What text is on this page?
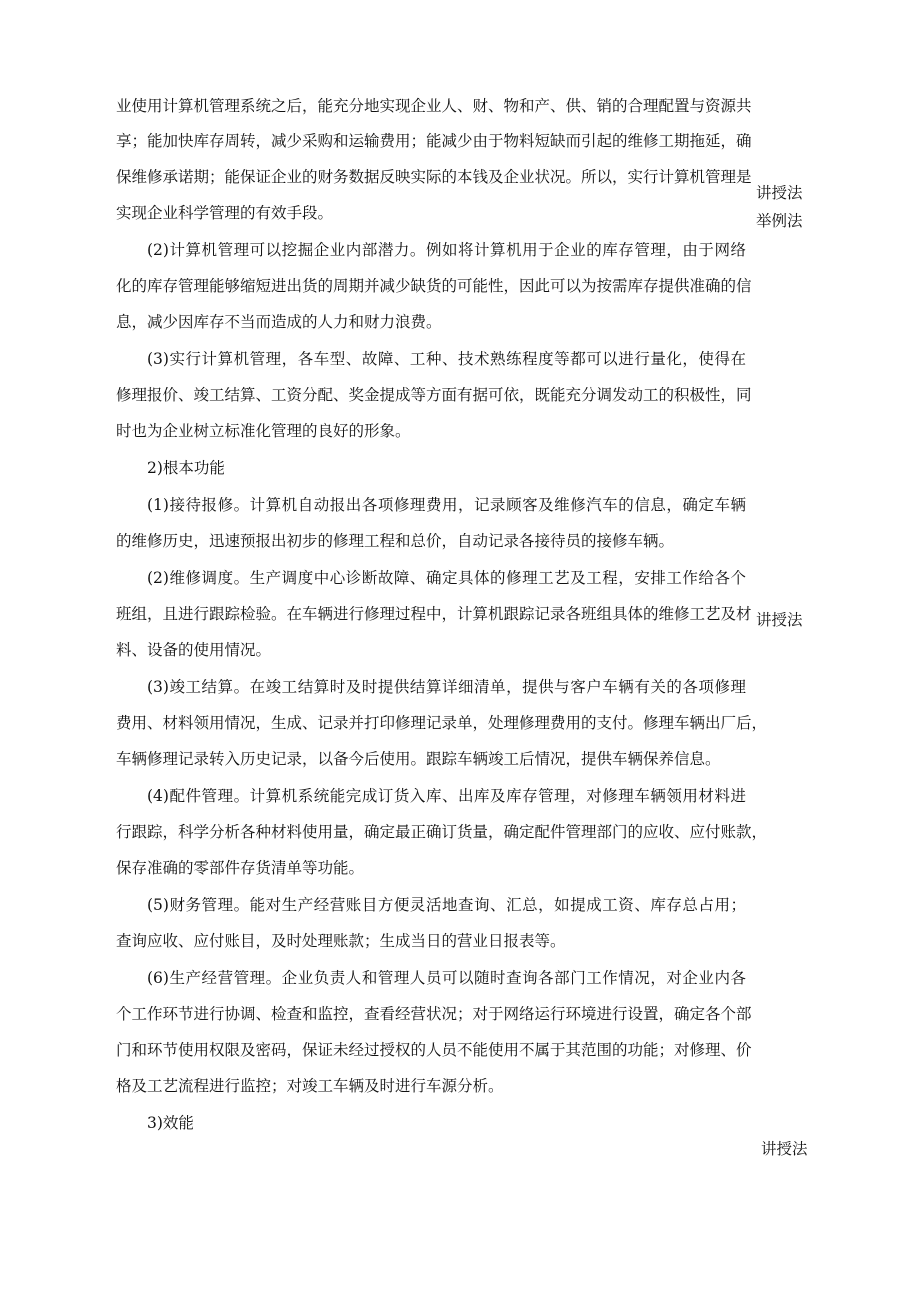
业使用计算机管理系统之后，能充分地实现企业人、财、物和产、供、销的合理配置与资源共
享；能加快库存周转，减少采购和运输费用；能减少由于物料短缺而引起的维修工期拖延，确
保维修承诺期；能保证企业的财务数据反映实际的本钱及企业状况。所以，实行计算机管理是
实现企业科学管理的有效手段。
(2)计算机管理可以挖掘企业内部潜力。例如将计算机用于企业的库存管理，由于网络
化的库存管理能够缩短进出货的周期并减少缺货的可能性，因此可以为按需库存提供准确的信
息，减少因库存不当而造成的人力和财力浪费。
(3)实行计算机管理，各车型、故障、工种、技术熟练程度等都可以进行量化，使得在
修理报价、竣工结算、工资分配、奖金提成等方面有据可依，既能充分调发动工的积极性，同
时也为企业树立标准化管理的良好的形象。
2)根本功能
(1)接待报修。计算机自动报出各项修理费用，记录顾客及维修汽车的信息，确定车辆
的维修历史，迅速预报出初步的修理工程和总价，自动记录各接待员的接修车辆。
(2)维修调度。生产调度中心诊断故障、确定具体的修理工艺及工程，安排工作给各个
班组，且进行跟踪检验。在车辆进行修理过程中，计算机跟踪记录各班组具体的维修工艺及材
料、设备的使用情况。
(3)竣工结算。在竣工结算时及时提供结算详细清单，提供与客户车辆有关的各项修理
费用、材料领用情况，生成、记录并打印修理记录单，处理修理费用的支付。修理车辆出厂后，
车辆修理记录转入历史记录，以备今后使用。跟踪车辆竣工后情况，提供车辆保养信息。
(4)配件管理。计算机系统能完成订货入库、出库及库存管理，对修理车辆领用材料进
行跟踪，科学分析各种材料使用量，确定最正确订货量，确定配件管理部门的应收、应付账款，
保存准确的零部件存货清单等功能。
(5)财务管理。能对生产经营账目方便灵活地查询、汇总，如提成工资、库存总占用；
查询应收、应付账目，及时处理账款；生成当日的营业日报表等。
(6)生产经营管理。企业负责人和管理人员可以随时查询各部门工作情况，对企业内各
个工作环节进行协调、检查和监控，查看经营状况；对于网络运行环境进行设置，确定各个部
门和环节使用权限及密码，保证未经过授权的人员不能使用不属于其范围的功能；对修理、价
格及工艺流程进行监控；对竣工车辆及时进行车源分析。
3)效能
讲授法
举例法
讲授法
讲授法
